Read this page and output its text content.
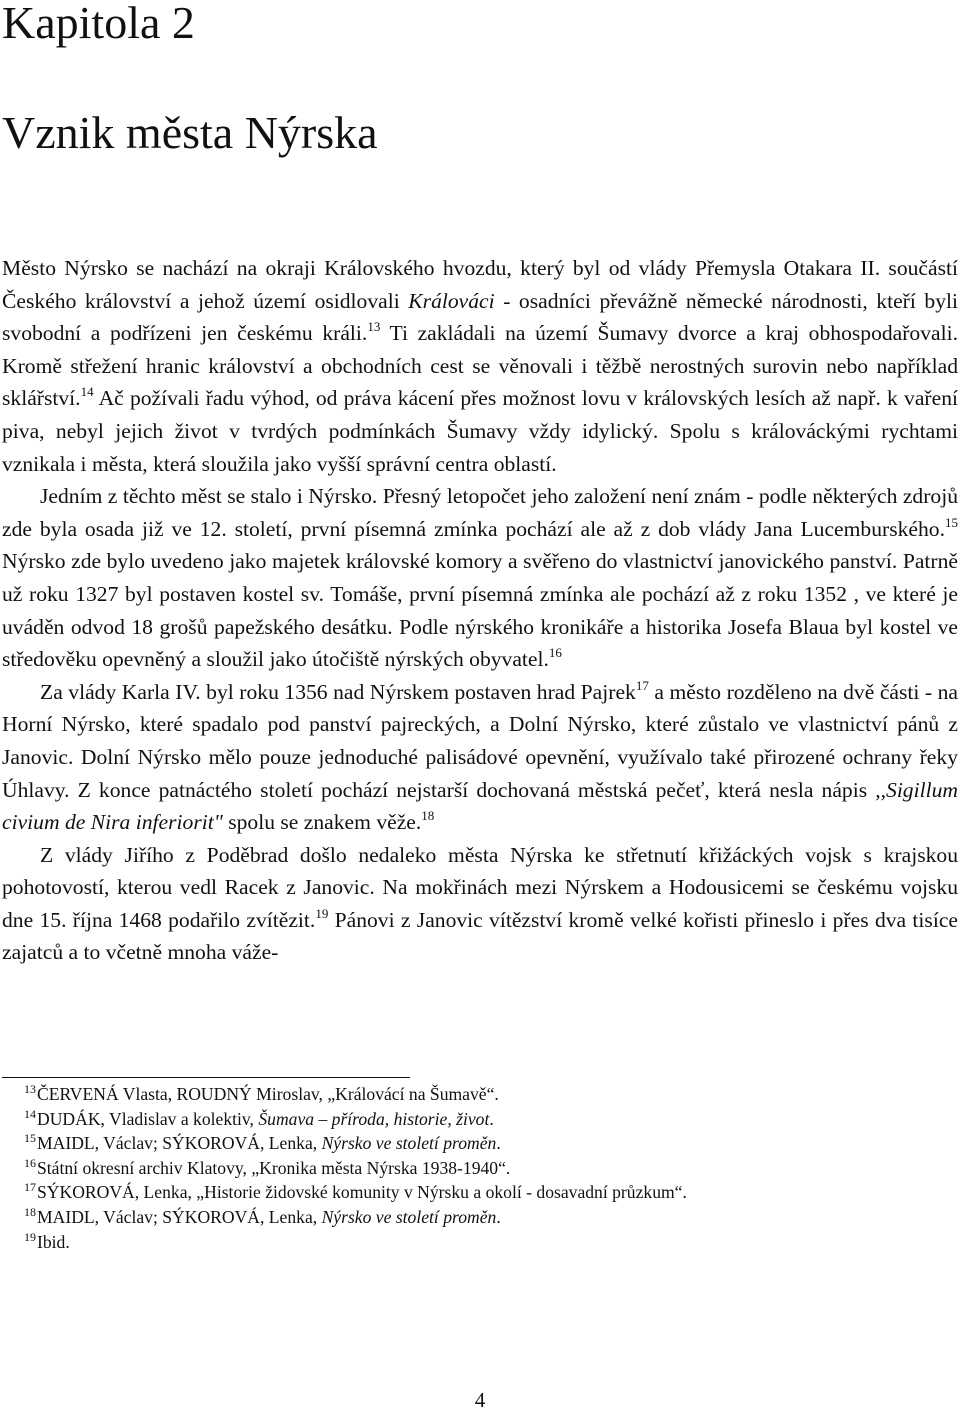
Kapitola 2
Vznik města Nýrska

Město Nýrsko se nachází na okraji Královského hvozdu, který byl od vlády Přemysla Otakara II. součástí Českého království a jehož území osidlovali Králováci - osadníci převážně německé národnosti, kteří byli svobodní a podřízeni jen českému králi.$^{13}$ Ti zakládali na území Šumavy dvorce a kraj obhospodařovali. Kromě střežení hranic království a obchodních cest se věnovali i těžbě nerostných surovin nebo například sklářství.$^{14}$ Ač požívali řadu výhod, od práva kácení přes možnost lovu v královských lesích až např. k vaření piva, nebyl jejich život v tvrdých podmínkách Šumavy vždy idylický. Spolu s králováckými rychtami vznikala i města, která sloužila jako vyšší správní centra oblastí.

Jedním z těchto měst se stalo i Nýrsko. Přesný letopočet jeho založení není znám - podle některých zdrojů zde byla osada již ve 12. století, první písemná zmínka pochází ale až z dob vlády Jana Lucemburského.$^{15}$ Nýrsko zde bylo uvedeno jako majetek královské komory a svěřeno do vlastnictví janovického panství. Patrně už roku 1327 byl postaven kostel sv. Tomáše, první písemná zmínka ale pochází až z roku 1352 , ve které je uváděn odvod 18 grošů papežského desátku. Podle nýrského kronikáře a historika Josefa Blaua byl kostel ve středověku opevněný a sloužil jako útočiště nýrských obyvatel.$^{16}$

Za vlády Karla IV. byl roku 1356 nad Nýrskem postaven hrad Pajrek$^{17}$ a město rozděleno na dvě části - na Horní Nýrsko, které spadalo pod panství pajreckých, a Dolní Nýrsko, které zůstalo ve vlastnictví pánů z Janovic. Dolní Nýrsko mělo pouze jednoduché palisádové opevnění, využívalo také přirozené ochrany řeky Úhlavy. Z konce patnáctého století pochází nejstarší dochovaná městská pečeť, která nesla nápis ,,Sigillum civium de Nira inferiorit" spolu se znakem věže.$^{18}$

Z vlády Jiřího z Poděbrad došlo nedaleko města Nýrska ke střetnutí křižáckých vojsk s krajskou pohotovostí, kterou vedl Racek z Janovic. Na mokřinách mezi Nýrskem a Hodousicemi se českému vojsku dne 15. října 1468 podařilo zvítězit.$^{19}$ Pánovi z Janovic vítězství kromě velké kořisti přineslo i přes dva tisíce zajatců a to včetně mnoha váže-

$^{13}$ČERVENÁ Vlasta, ROUDNÝ Miroslav, „Královácí na Šumavě“.
$^{14}$DUDÁK, Vladislav a kolektiv, Šumava – příroda, historie, život.
$^{15}$MAIDL, Václav; SÝKOROVÁ, Lenka, Nýrsko ve století proměn.
$^{16}$Státní okresní archiv Klatovy, „Kronika města Nýrska 1938-1940“.
$^{17}$SÝKOROVÁ, Lenka, „Historie židovské komunity v Nýrsku a okolí - dosavadní průzkum“.
$^{18}$MAIDL, Václav; SÝKOROVÁ, Lenka, Nýrsko ve století proměn.
$^{19}$Ibid.
4
